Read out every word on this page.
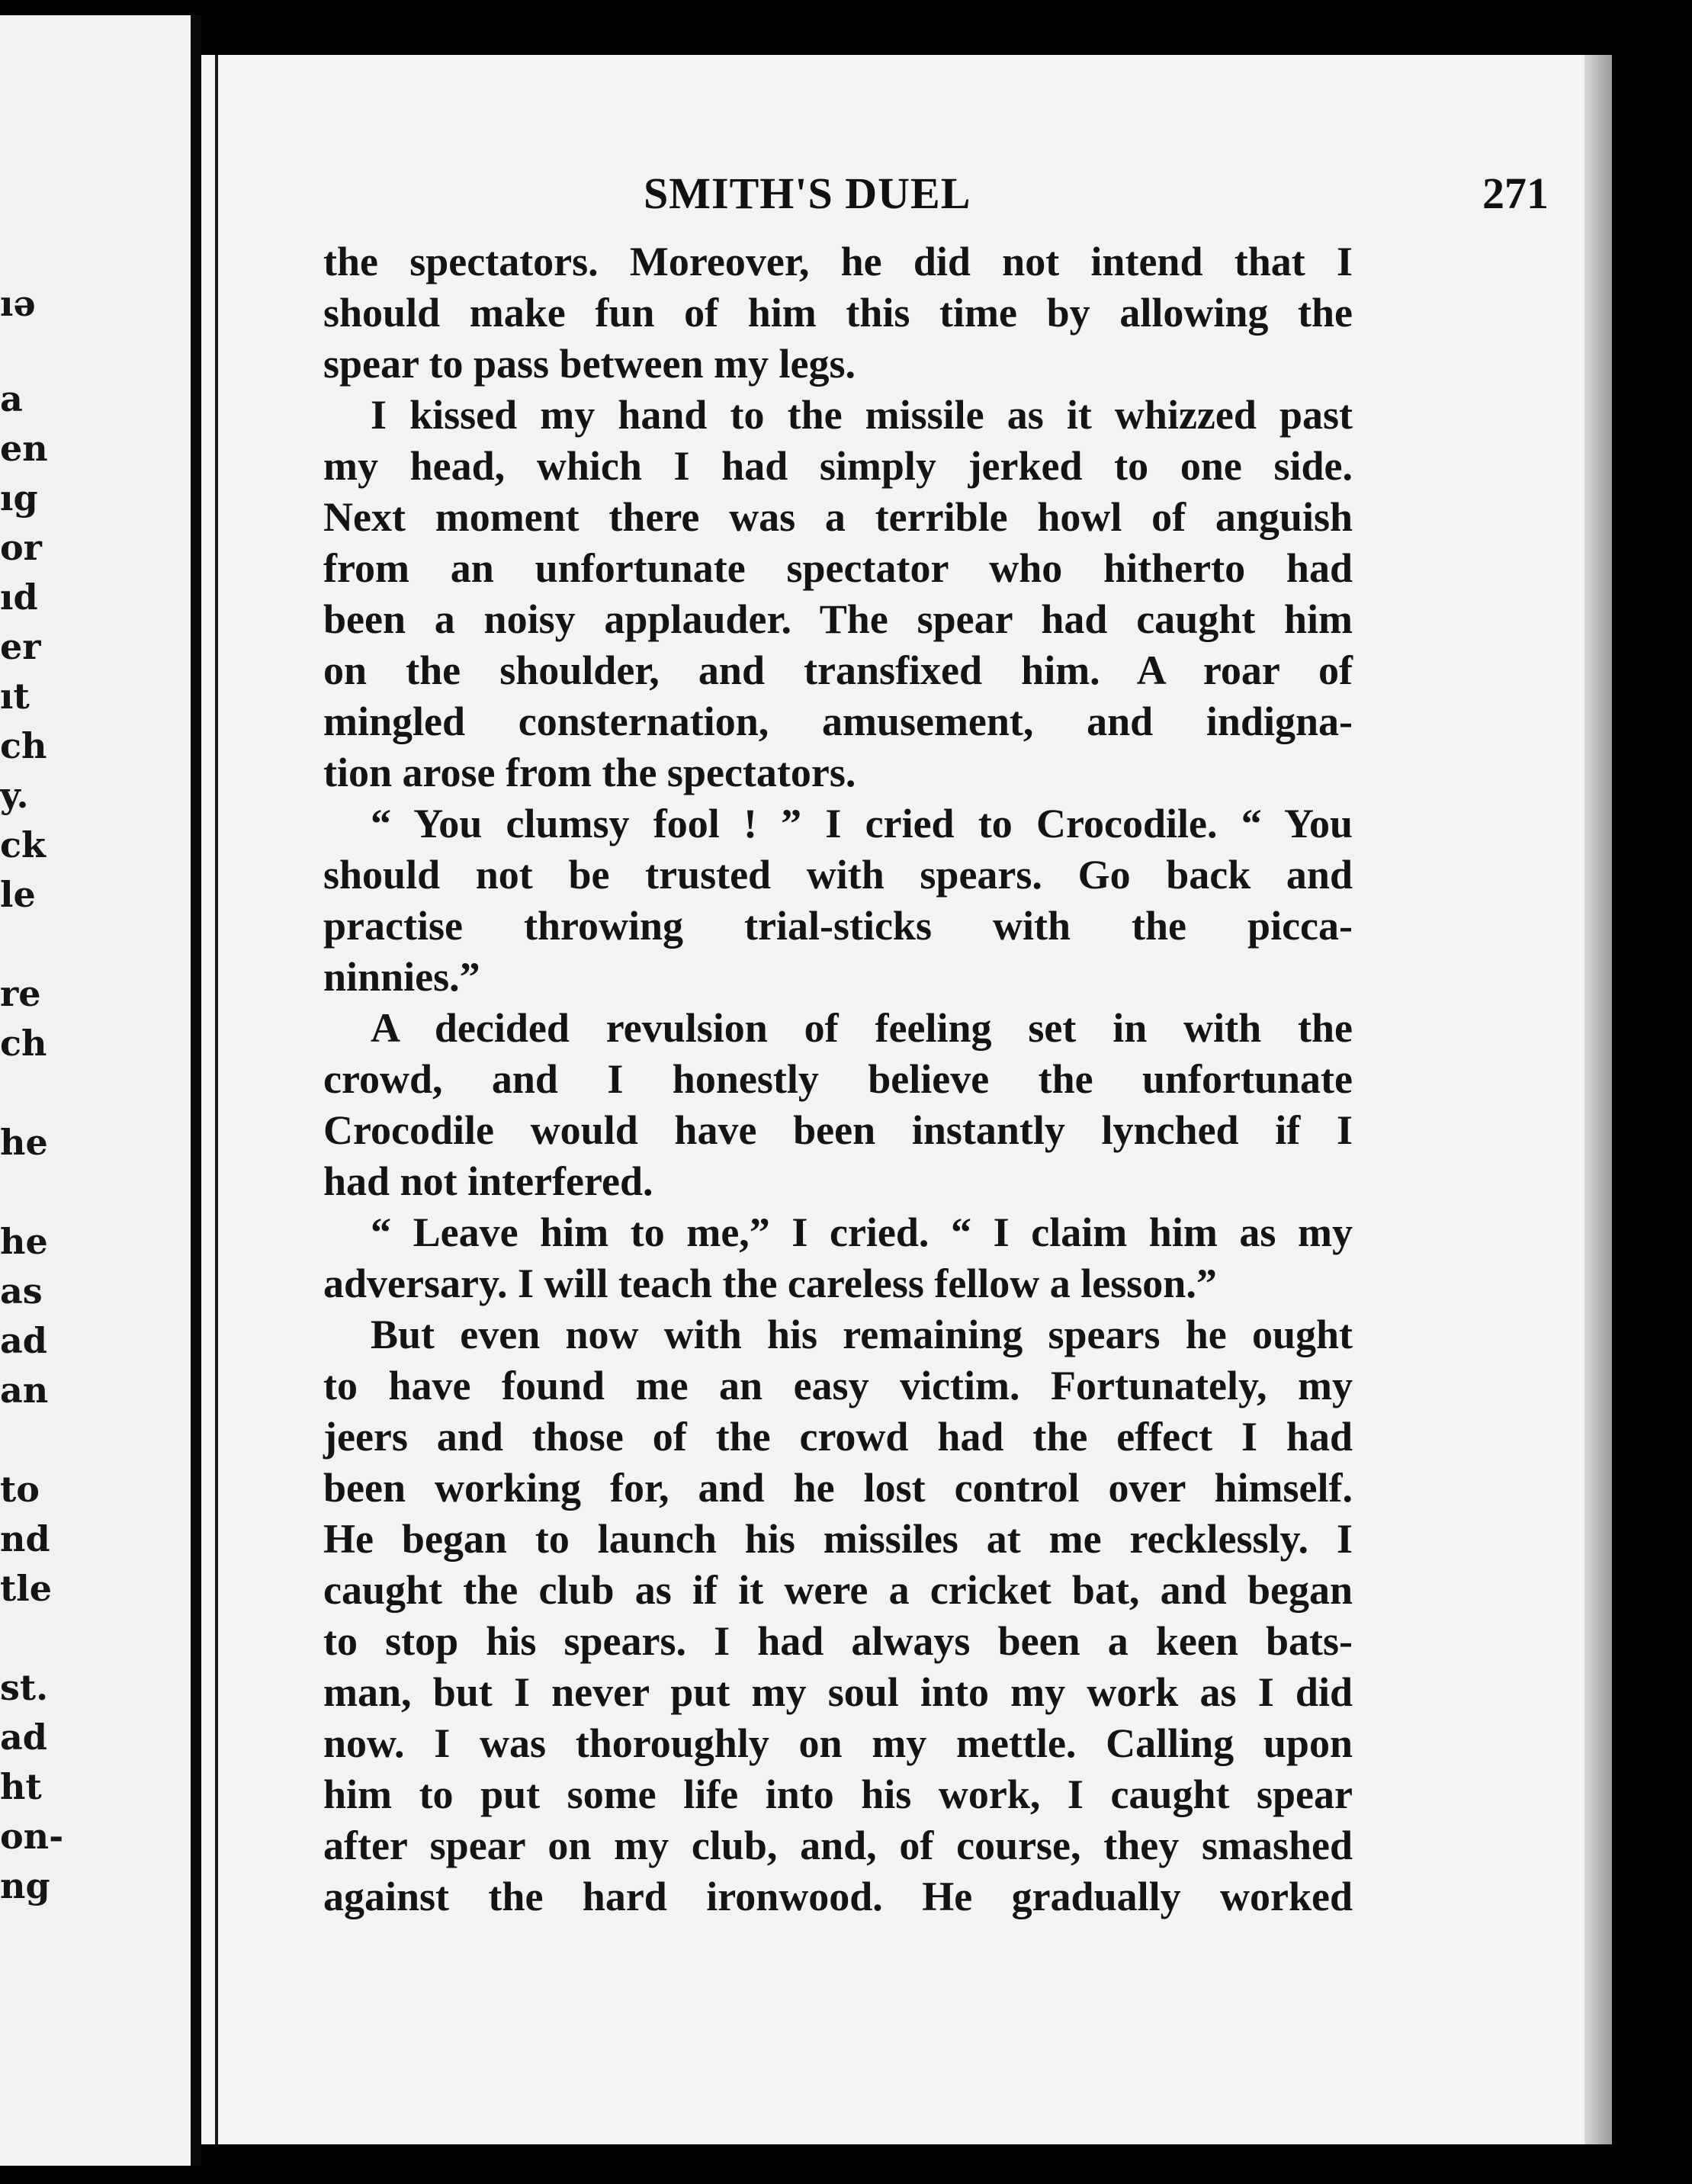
ıə
a
en
ıg
or
ıd
er
ıt
ch
y.
ck
le
re
ch
he
he
as
ad
an
to
nd
tle
st.
ad
ht
on-
ng
SMITH'S DUEL	271
the spectators. Moreover, he did not intend that I
should make fun of him this time by allowing the
spear to pass between my legs.
I kissed my hand to the missile as it whizzed past
my head, which I had simply jerked to one side.
Next moment there was a terrible howl of anguish
from an unfortunate spectator who hitherto had
been a noisy applauder. The spear had caught him
on the shoulder, and transfixed him. A roar of
mingled consternation, amusement, and indigna-
tion arose from the spectators.
“ You clumsy fool ! ” I cried to Crocodile. “ You
should not be trusted with spears. Go back and
practise throwing trial-sticks with the picca-
ninnies.”
A decided revulsion of feeling set in with the
crowd, and I honestly believe the unfortunate
Crocodile would have been instantly lynched if I
had not interfered.
“ Leave him to me,” I cried. “ I claim him as my
adversary. I will teach the careless fellow a lesson.”
But even now with his remaining spears he ought
to have found me an easy victim. Fortunately, my
jeers and those of the crowd had the effect I had
been working for, and he lost control over himself.
He began to launch his missiles at me recklessly. I
caught the club as if it were a cricket bat, and began
to stop his spears. I had always been a keen bats-
man, but I never put my soul into my work as I did
now. I was thoroughly on my mettle. Calling upon
him to put some life into his work, I caught spear
after spear on my club, and, of course, they smashed
against the hard ironwood. He gradually worked
